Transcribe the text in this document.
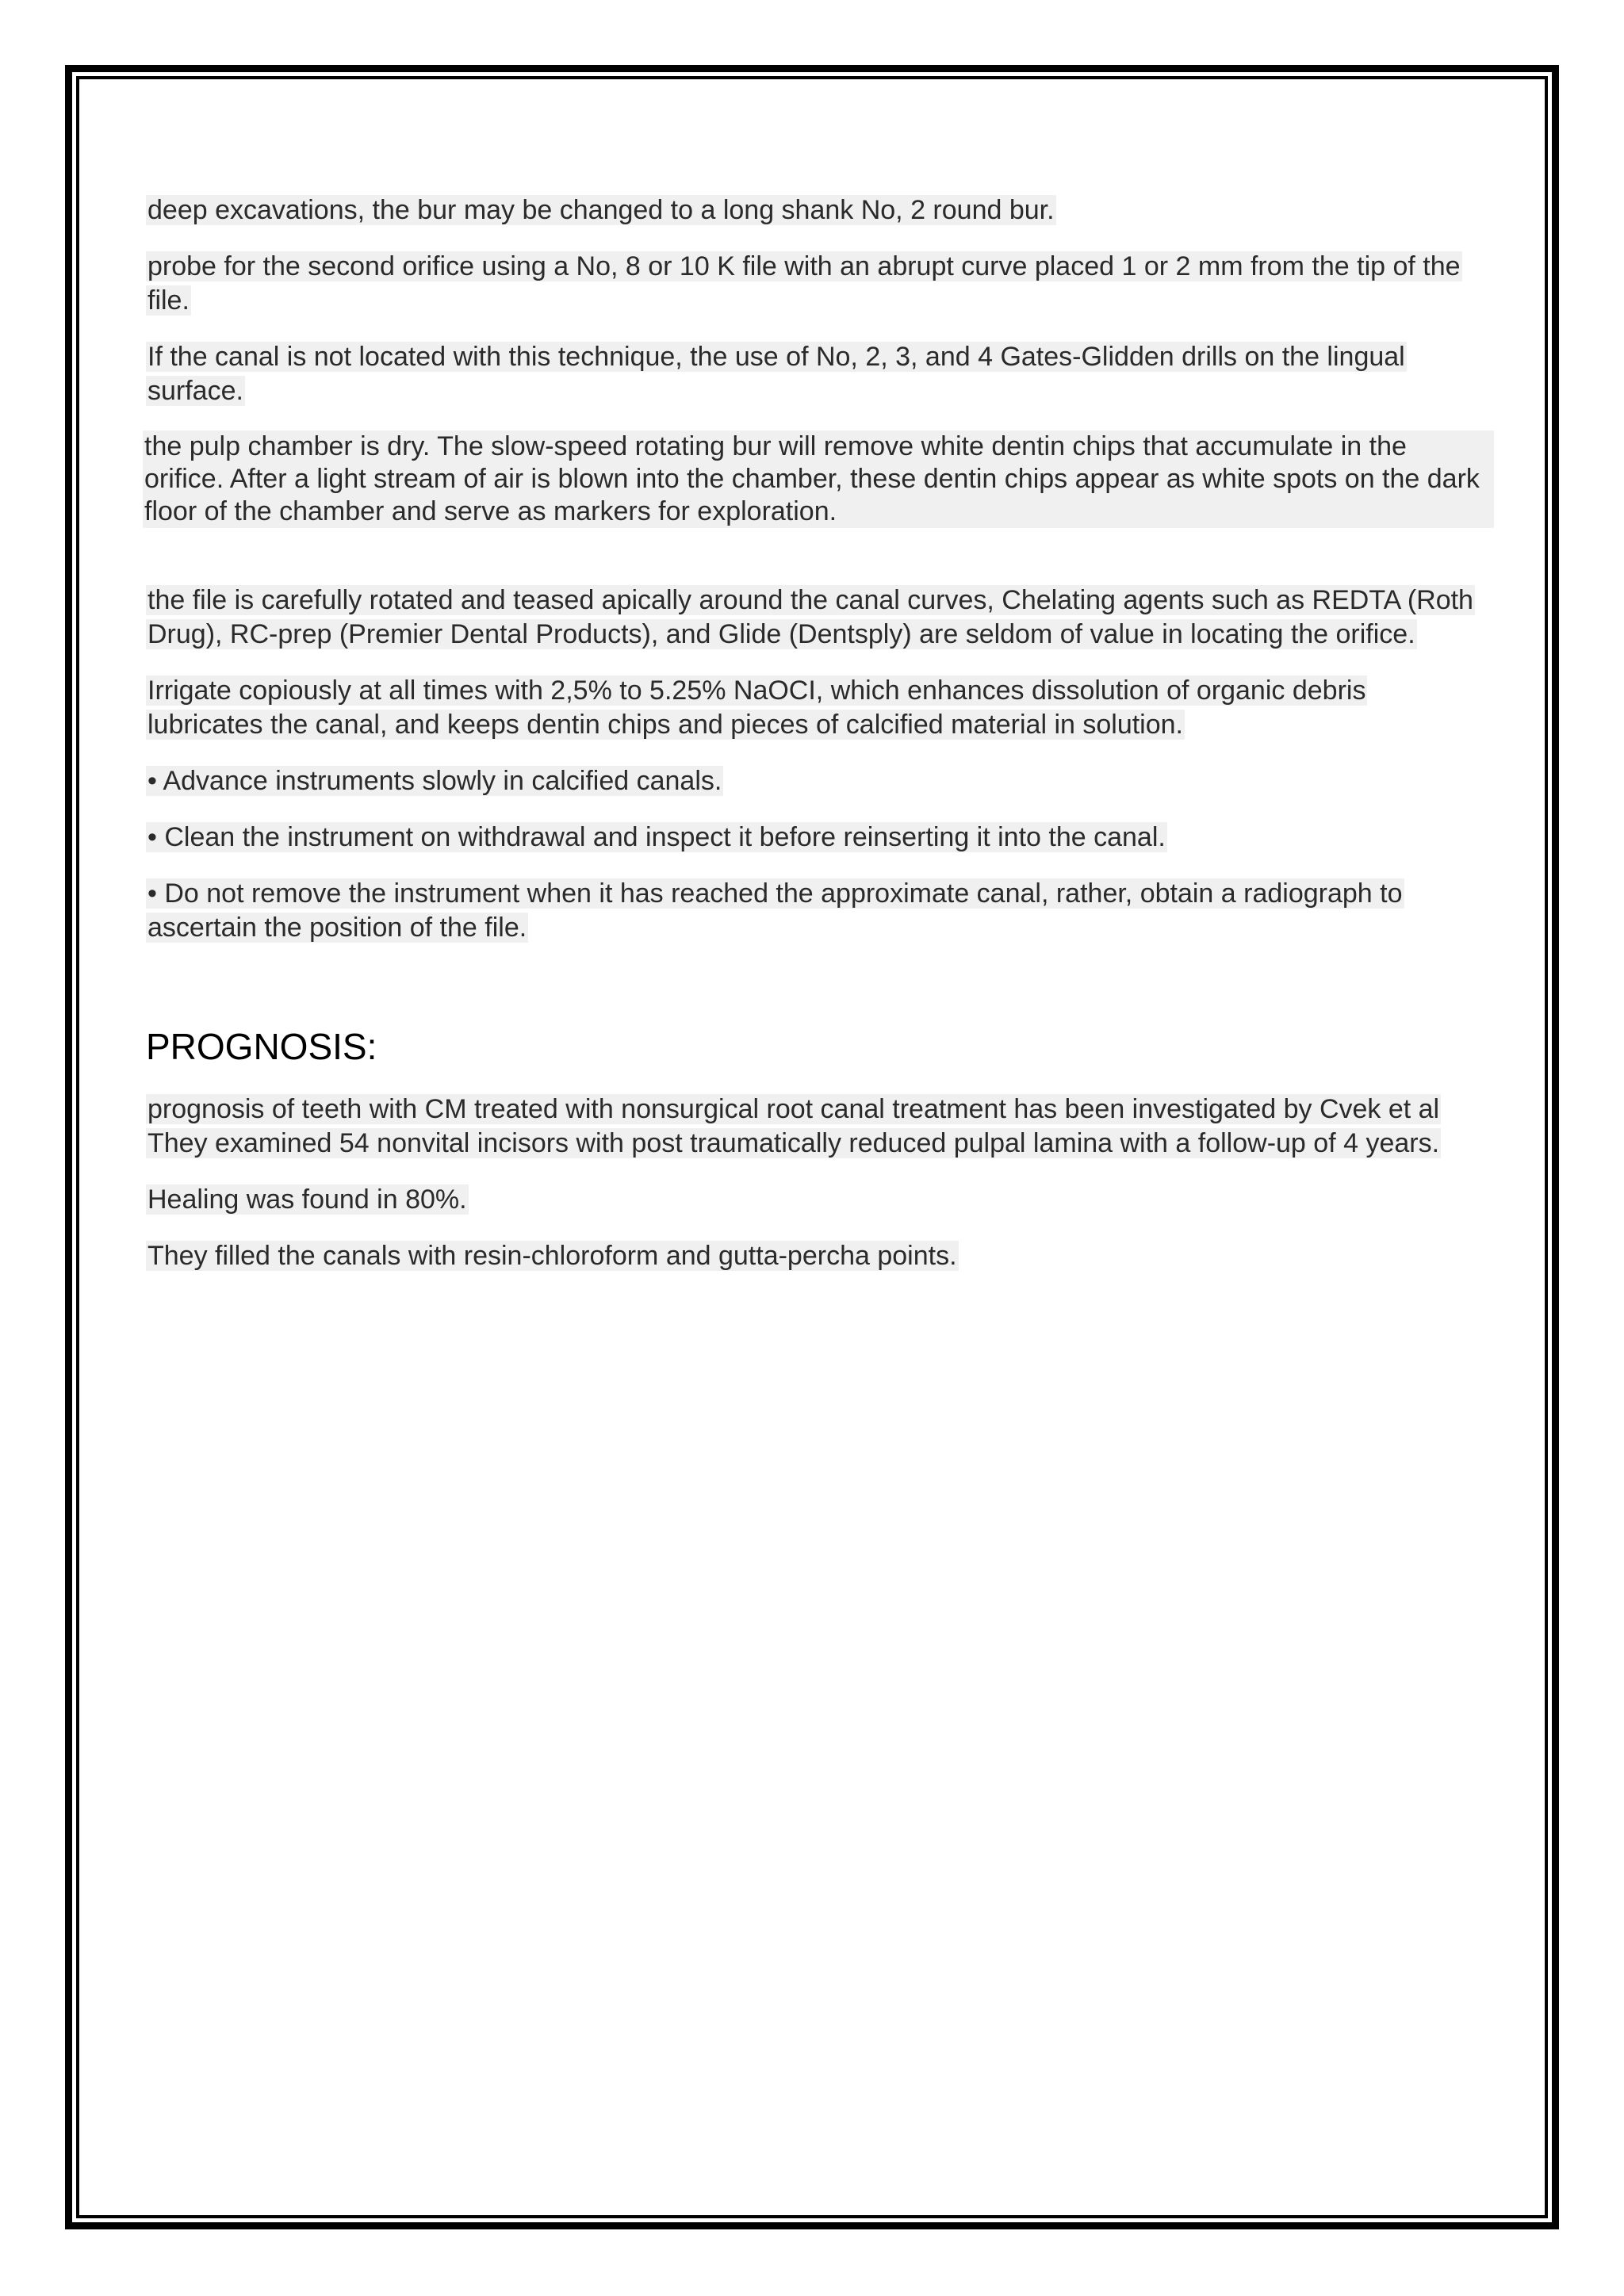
deep excavations, the bur may be changed to a long shank No, 2 round bur.

probe for the second orifice using a No, 8 or 10 K file with an abrupt curve placed 1 or 2 mm from the tip of the file.

If the canal is not located with this technique, the use of No, 2, 3, and 4 Gates-Glidden drills on the lingual surface.

the pulp chamber is dry. The slow-speed rotating bur will remove white dentin chips that accumulate in the orifice. After a light stream of air is blown into the chamber, these dentin chips appear as white spots on the dark floor of the chamber and serve as markers for exploration.

the file is carefully rotated and teased apically around the canal curves, Chelating agents such as REDTA (Roth Drug), RC-prep (Premier Dental Products), and Glide (Dentsply) are seldom of value in locating the orifice.

Irrigate copiously at all times with 2,5% to 5.25% NaOCI, which enhances dissolution of organic debris lubricates the canal, and keeps dentin chips and pieces of calcified material in solution.

• Advance instruments slowly in calcified canals.

• Clean the instrument on withdrawal and inspect it before reinserting it into the canal.

• Do not remove the instrument when it has reached the approximate canal, rather, obtain a radiograph to ascertain the position of the file.

PROGNOSIS:

prognosis of teeth with CM treated with nonsurgical root canal treatment has been investigated by Cvek et al They examined 54 nonvital incisors with post traumatically reduced pulpal lamina with a follow-up of 4 years.

Healing was found in 80%.

They filled the canals with resin-chloroform and gutta-percha points.
